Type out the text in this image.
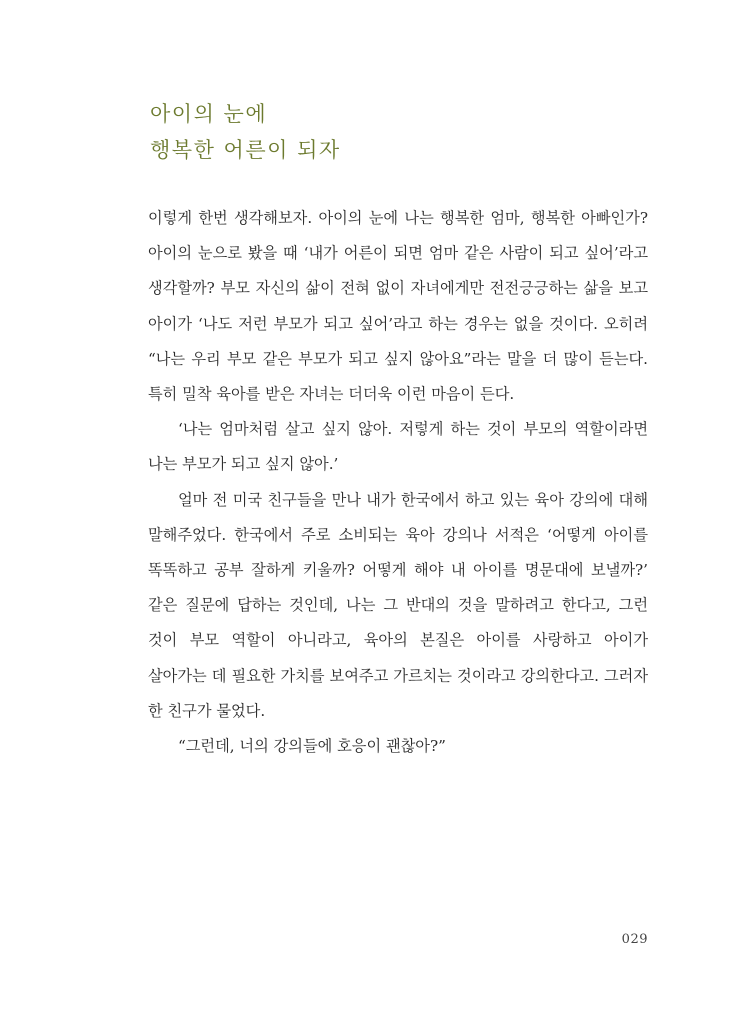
아이의 눈에
행복한 어른이 되자

이렇게 한번 생각해보자. 아이의 눈에 나는 행복한 엄마, 행복한 아빠인가? 아이의 눈으로 봤을 때 ‘내가 어른이 되면 엄마 같은 사람이 되고 싶어’라고 생각할까? 부모 자신의 삶이 전혀 없이 자녀에게만 전전긍긍하는 삶을 보고 아이가 ‘나도 저런 부모가 되고 싶어’라고 하는 경우는 없을 것이다. 오히려 “나는 우리 부모 같은 부모가 되고 싶지 않아요”라는 말을 더 많이 듣는다. 특히 밀착 육아를 받은 자녀는 더더욱 이런 마음이 든다.

‘나는 엄마처럼 살고 싶지 않아. 저렇게 하는 것이 부모의 역할이라면 나는 부모가 되고 싶지 않아.’

얼마 전 미국 친구들을 만나 내가 한국에서 하고 있는 육아 강의에 대해 말해주었다. 한국에서 주로 소비되는 육아 강의나 서적은 ‘어떻게 아이를 똑똑하고 공부 잘하게 키울까? 어떻게 해야 내 아이를 명문대에 보낼까?’ 같은 질문에 답하는 것인데, 나는 그 반대의 것을 말하려고 한다고, 그런 것이 부모 역할이 아니라고, 육아의 본질은 아이를 사랑하고 아이가 살아가는 데 필요한 가치를 보여주고 가르치는 것이라고 강의한다고. 그러자 한 친구가 물었다.

“그런데, 너의 강의들에 호응이 괜찮아?”

029
